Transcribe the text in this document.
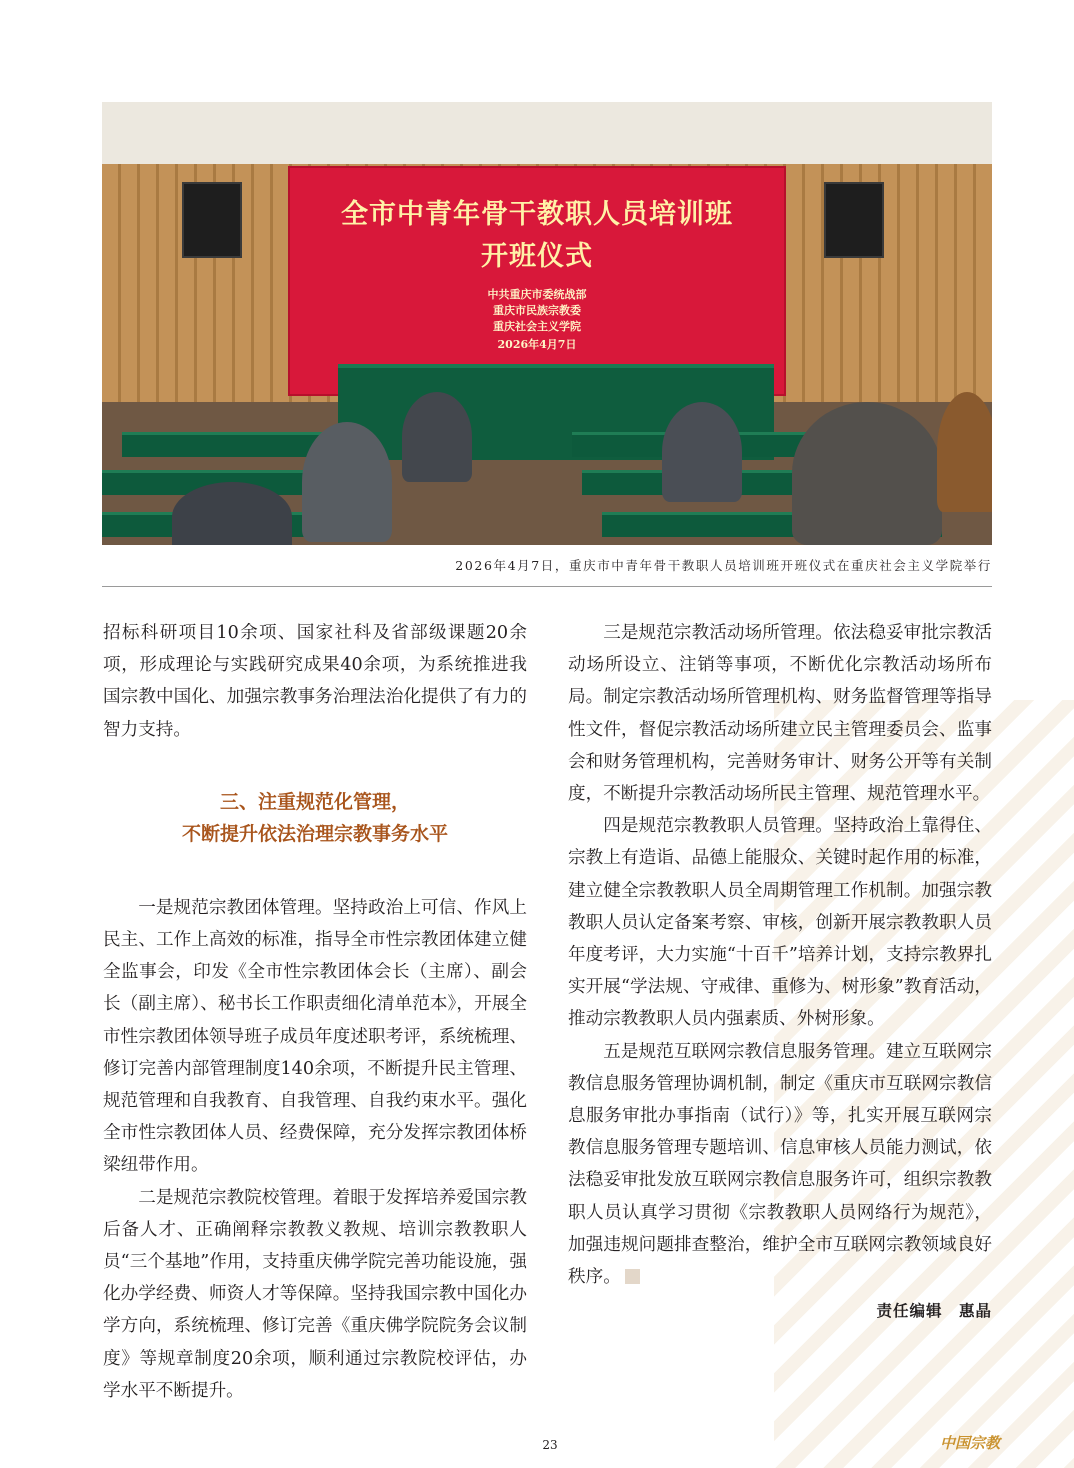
全市中青年骨干教职人员培训班
开班仪式
中共重庆市委统战部
重庆市民族宗教委
重庆社会主义学院
2026年4月7日
2026年4月7日，重庆市中青年骨干教职人员培训班开班仪式在重庆社会主义学院举行

招标科研项目10余项、国家社科及省部级课题20余项，形成理论与实践研究成果40余项，为系统推进我国宗教中国化、加强宗教事务治理法治化提供了有力的智力支持。

三、注重规范化管理，
不断提升依法治理宗教事务水平

一是规范宗教团体管理。坚持政治上可信、作风上民主、工作上高效的标准，指导全市性宗教团体建立健全监事会，印发《全市性宗教团体会长（主席）、副会长（副主席）、秘书长工作职责细化清单范本》，开展全市性宗教团体领导班子成员年度述职考评，系统梳理、修订完善内部管理制度140余项，不断提升民主管理、规范管理和自我教育、自我管理、自我约束水平。强化全市性宗教团体人员、经费保障，充分发挥宗教团体桥梁纽带作用。

二是规范宗教院校管理。着眼于发挥培养爱国宗教后备人才、正确阐释宗教教义教规、培训宗教教职人员“三个基地”作用，支持重庆佛学院完善功能设施，强化办学经费、师资人才等保障。坚持我国宗教中国化办学方向，系统梳理、修订完善《重庆佛学院院务会议制度》等规章制度20余项，顺利通过宗教院校评估，办学水平不断提升。

三是规范宗教活动场所管理。依法稳妥审批宗教活动场所设立、注销等事项，不断优化宗教活动场所布局。制定宗教活动场所管理机构、财务监督管理等指导性文件，督促宗教活动场所建立民主管理委员会、监事会和财务管理机构，完善财务审计、财务公开等有关制度，不断提升宗教活动场所民主管理、规范管理水平。

四是规范宗教教职人员管理。坚持政治上靠得住、宗教上有造诣、品德上能服众、关键时起作用的标准，建立健全宗教教职人员全周期管理工作机制。加强宗教教职人员认定备案考察、审核，创新开展宗教教职人员年度考评，大力实施“十百千”培养计划，支持宗教界扎实开展“学法规、守戒律、重修为、树形象”教育活动，推动宗教教职人员内强素质、外树形象。

五是规范互联网宗教信息服务管理。建立互联网宗教信息服务管理协调机制，制定《重庆市互联网宗教信息服务审批办事指南（试行）》等，扎实开展互联网宗教信息服务管理专题培训、信息审核人员能力测试，依法稳妥审批发放互联网宗教信息服务许可，组织宗教教职人员认真学习贯彻《宗教教职人员网络行为规范》，加强违规问题排查整治，维护全市互联网宗教领域良好秩序。

责任编辑　惠晶

23	中国宗教
